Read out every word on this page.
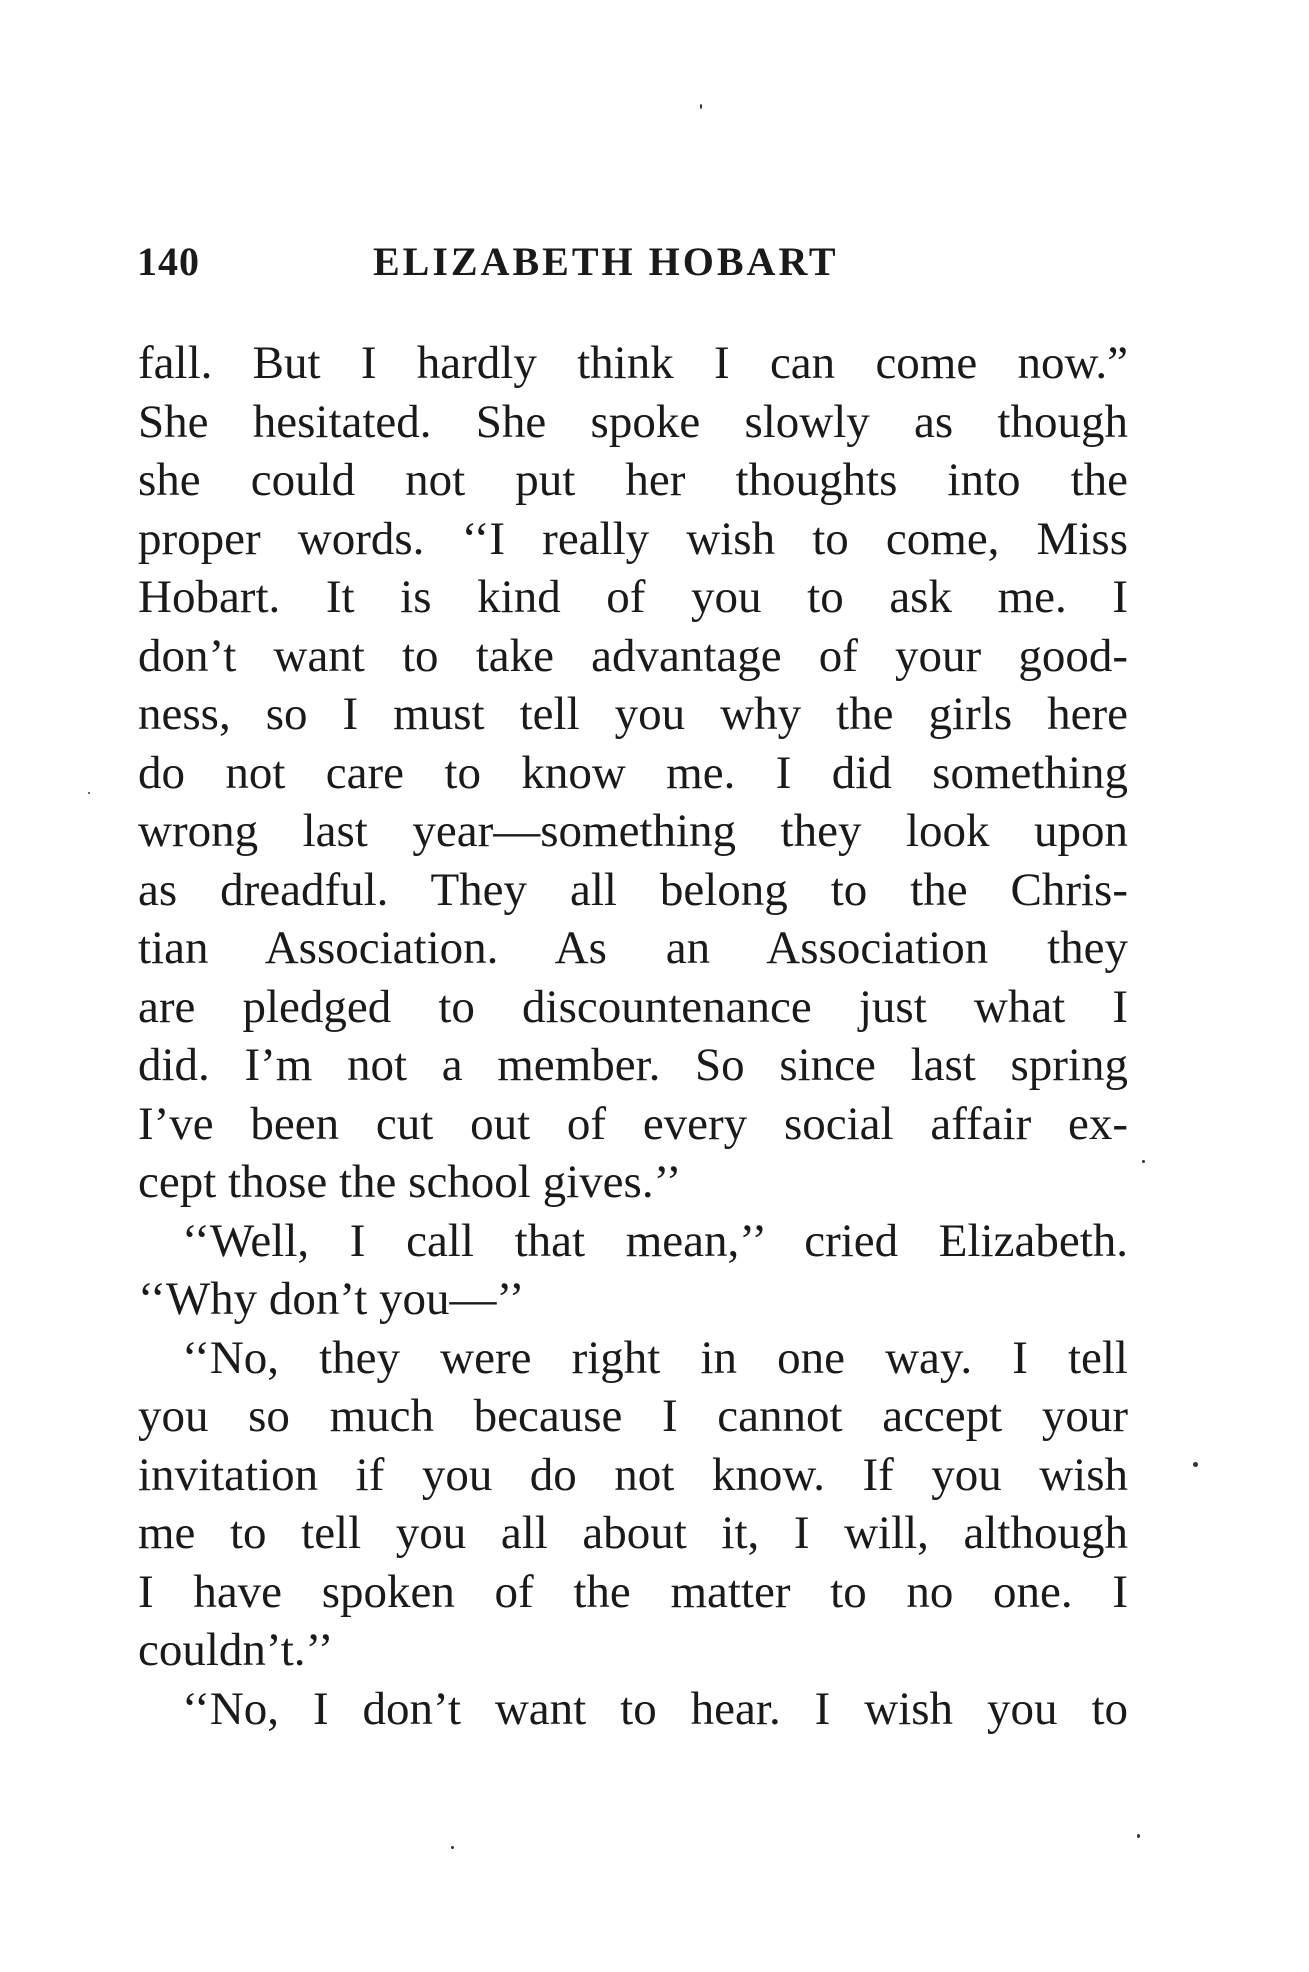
140	ELIZABETH HOBART
fall. But I hardly think I can come now.”
She hesitated. She spoke slowly as though
she could not put her thoughts into the
proper words. ‘‘I really wish to come, Miss
Hobart. It is kind of you to ask me. I
don’t want to take advantage of your good-
ness, so I must tell you why the girls here
do not care to know me. I did something
wrong last year—something they look upon
as dreadful. They all belong to the Chris-
tian Association. As an Association they
are pledged to discountenance just what I
did. I’m not a member. So since last spring
I’ve been cut out of every social affair ex-
cept those the school gives.’’
‘‘Well, I call that mean,’’ cried Elizabeth.
‘‘Why don’t you—’’
‘‘No, they were right in one way. I tell
you so much because I cannot accept your
invitation if you do not know. If you wish
me to tell you all about it, I will, although
I have spoken of the matter to no one. I
couldn’t.’’
‘‘No, I don’t want to hear. I wish you to
